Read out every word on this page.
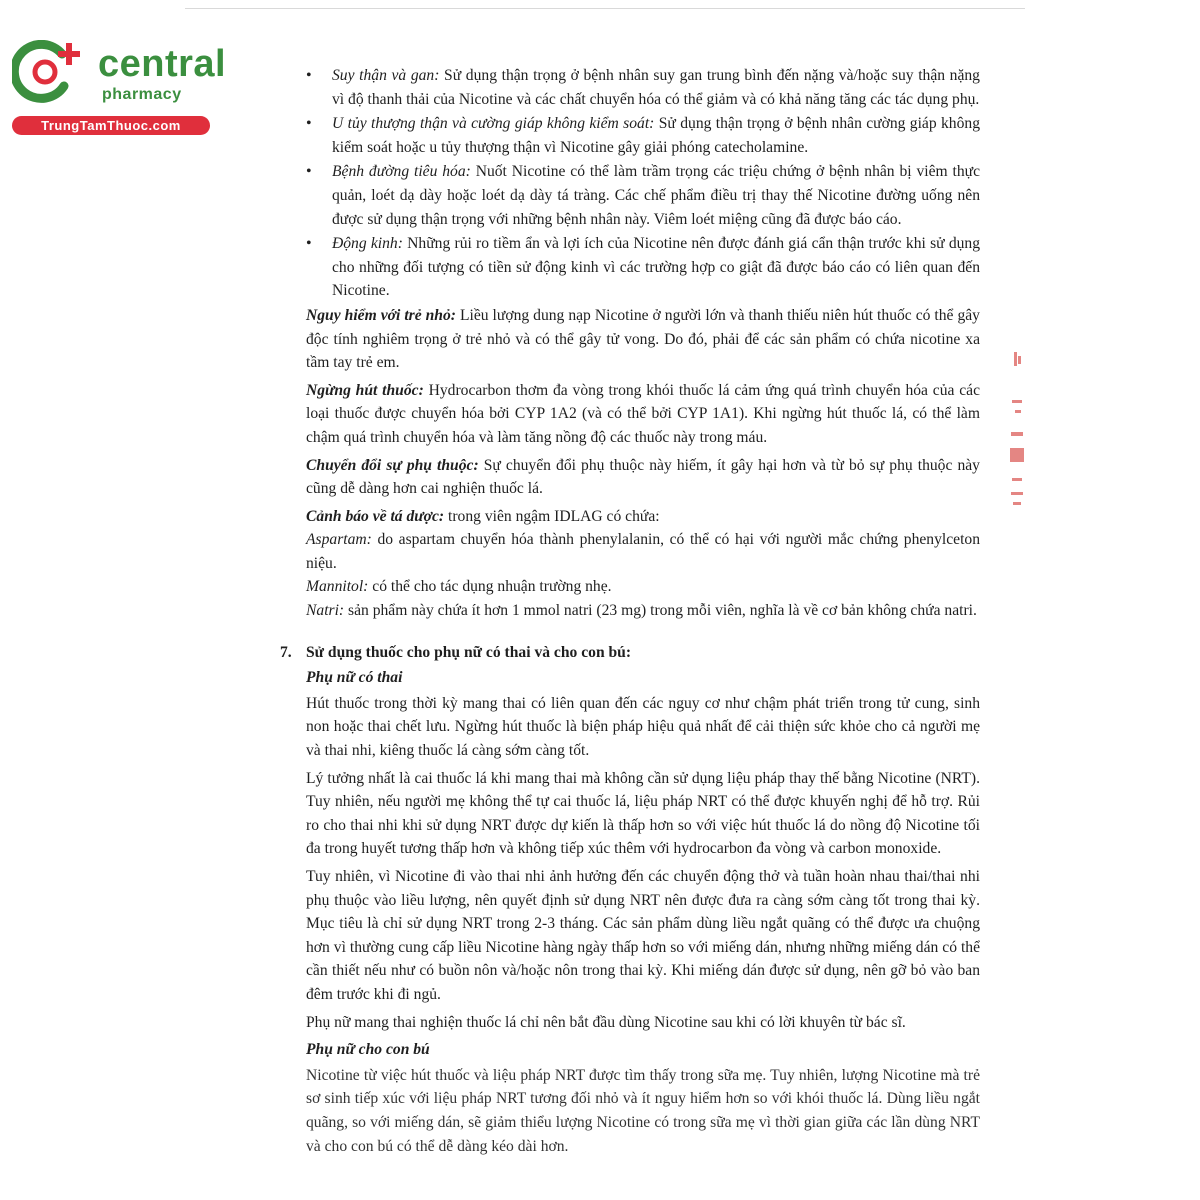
central
pharmacy
TrungTamThuoc.com
• Suy thận và gan: Sử dụng thận trọng ở bệnh nhân suy gan trung bình đến nặng và/hoặc suy thận nặng vì độ thanh thải của Nicotine và các chất chuyển hóa có thể giảm và có khả năng tăng các tác dụng phụ.
• U tủy thượng thận và cường giáp không kiểm soát: Sử dụng thận trọng ở bệnh nhân cường giáp không kiểm soát hoặc u tủy thượng thận vì Nicotine gây giải phóng catecholamine.
• Bệnh đường tiêu hóa: Nuốt Nicotine có thể làm trầm trọng các triệu chứng ở bệnh nhân bị viêm thực quản, loét dạ dày hoặc loét dạ dày tá tràng. Các chế phẩm điều trị thay thế Nicotine đường uống nên được sử dụng thận trọng với những bệnh nhân này. Viêm loét miệng cũng đã được báo cáo.
• Động kinh: Những rủi ro tiềm ẩn và lợi ích của Nicotine nên được đánh giá cẩn thận trước khi sử dụng cho những đối tượng có tiền sử động kinh vì các trường hợp co giật đã được báo cáo có liên quan đến Nicotine.

Nguy hiểm với trẻ nhỏ: Liều lượng dung nạp Nicotine ở người lớn và thanh thiếu niên hút thuốc có thể gây độc tính nghiêm trọng ở trẻ nhỏ và có thể gây tử vong. Do đó, phải để các sản phẩm có chứa nicotine xa tầm tay trẻ em.

Ngừng hút thuốc: Hydrocarbon thơm đa vòng trong khói thuốc lá cảm ứng quá trình chuyển hóa của các loại thuốc được chuyển hóa bởi CYP 1A2 (và có thể bởi CYP 1A1). Khi ngừng hút thuốc lá, có thể làm chậm quá trình chuyển hóa và làm tăng nồng độ các thuốc này trong máu.

Chuyển đổi sự phụ thuộc: Sự chuyển đổi phụ thuộc này hiếm, ít gây hại hơn và từ bỏ sự phụ thuộc này cũng dễ dàng hơn cai nghiện thuốc lá.

Cảnh báo về tá dược: trong viên ngậm IDLAG có chứa:

Aspartam: do aspartam chuyển hóa thành phenylalanin, có thể có hại với người mắc chứng phenylceton niệu.

Mannitol: có thể cho tác dụng nhuận trường nhẹ.

Natri: sản phẩm này chứa ít hơn 1 mmol natri (23 mg) trong mỗi viên, nghĩa là về cơ bản không chứa natri.

7. Sử dụng thuốc cho phụ nữ có thai và cho con bú:
Phụ nữ có thai

Hút thuốc trong thời kỳ mang thai có liên quan đến các nguy cơ như chậm phát triển trong tử cung, sinh non hoặc thai chết lưu. Ngừng hút thuốc là biện pháp hiệu quả nhất để cải thiện sức khỏe cho cả người mẹ và thai nhi, kiêng thuốc lá càng sớm càng tốt.

Lý tưởng nhất là cai thuốc lá khi mang thai mà không cần sử dụng liệu pháp thay thế bằng Nicotine (NRT). Tuy nhiên, nếu người mẹ không thể tự cai thuốc lá, liệu pháp NRT có thể được khuyến nghị để hỗ trợ. Rủi ro cho thai nhi khi sử dụng NRT được dự kiến là thấp hơn so với việc hút thuốc lá do nồng độ Nicotine tối đa trong huyết tương thấp hơn và không tiếp xúc thêm với hydrocarbon đa vòng và carbon monoxide.

Tuy nhiên, vì Nicotine đi vào thai nhi ảnh hưởng đến các chuyển động thở và tuần hoàn nhau thai/thai nhi phụ thuộc vào liều lượng, nên quyết định sử dụng NRT nên được đưa ra càng sớm càng tốt trong thai kỳ. Mục tiêu là chỉ sử dụng NRT trong 2-3 tháng. Các sản phẩm dùng liều ngắt quãng có thể được ưa chuộng hơn vì thường cung cấp liều Nicotine hàng ngày thấp hơn so với miếng dán, nhưng những miếng dán có thể cần thiết nếu như có buồn nôn và/hoặc nôn trong thai kỳ. Khi miếng dán được sử dụng, nên gỡ bỏ vào ban đêm trước khi đi ngủ.

Phụ nữ mang thai nghiện thuốc lá chỉ nên bắt đầu dùng Nicotine sau khi có lời khuyên từ bác sĩ.

Phụ nữ cho con bú

Nicotine từ việc hút thuốc và liệu pháp NRT được tìm thấy trong sữa mẹ. Tuy nhiên, lượng Nicotine mà trẻ sơ sinh tiếp xúc với liệu pháp NRT tương đối nhỏ và ít nguy hiểm hơn so với khói thuốc lá. Dùng liều ngắt quãng, so với miếng dán, sẽ giảm thiểu lượng Nicotine có trong sữa mẹ vì thời gian giữa các lần dùng NRT và cho con bú có thể dễ dàng kéo dài hơn.
